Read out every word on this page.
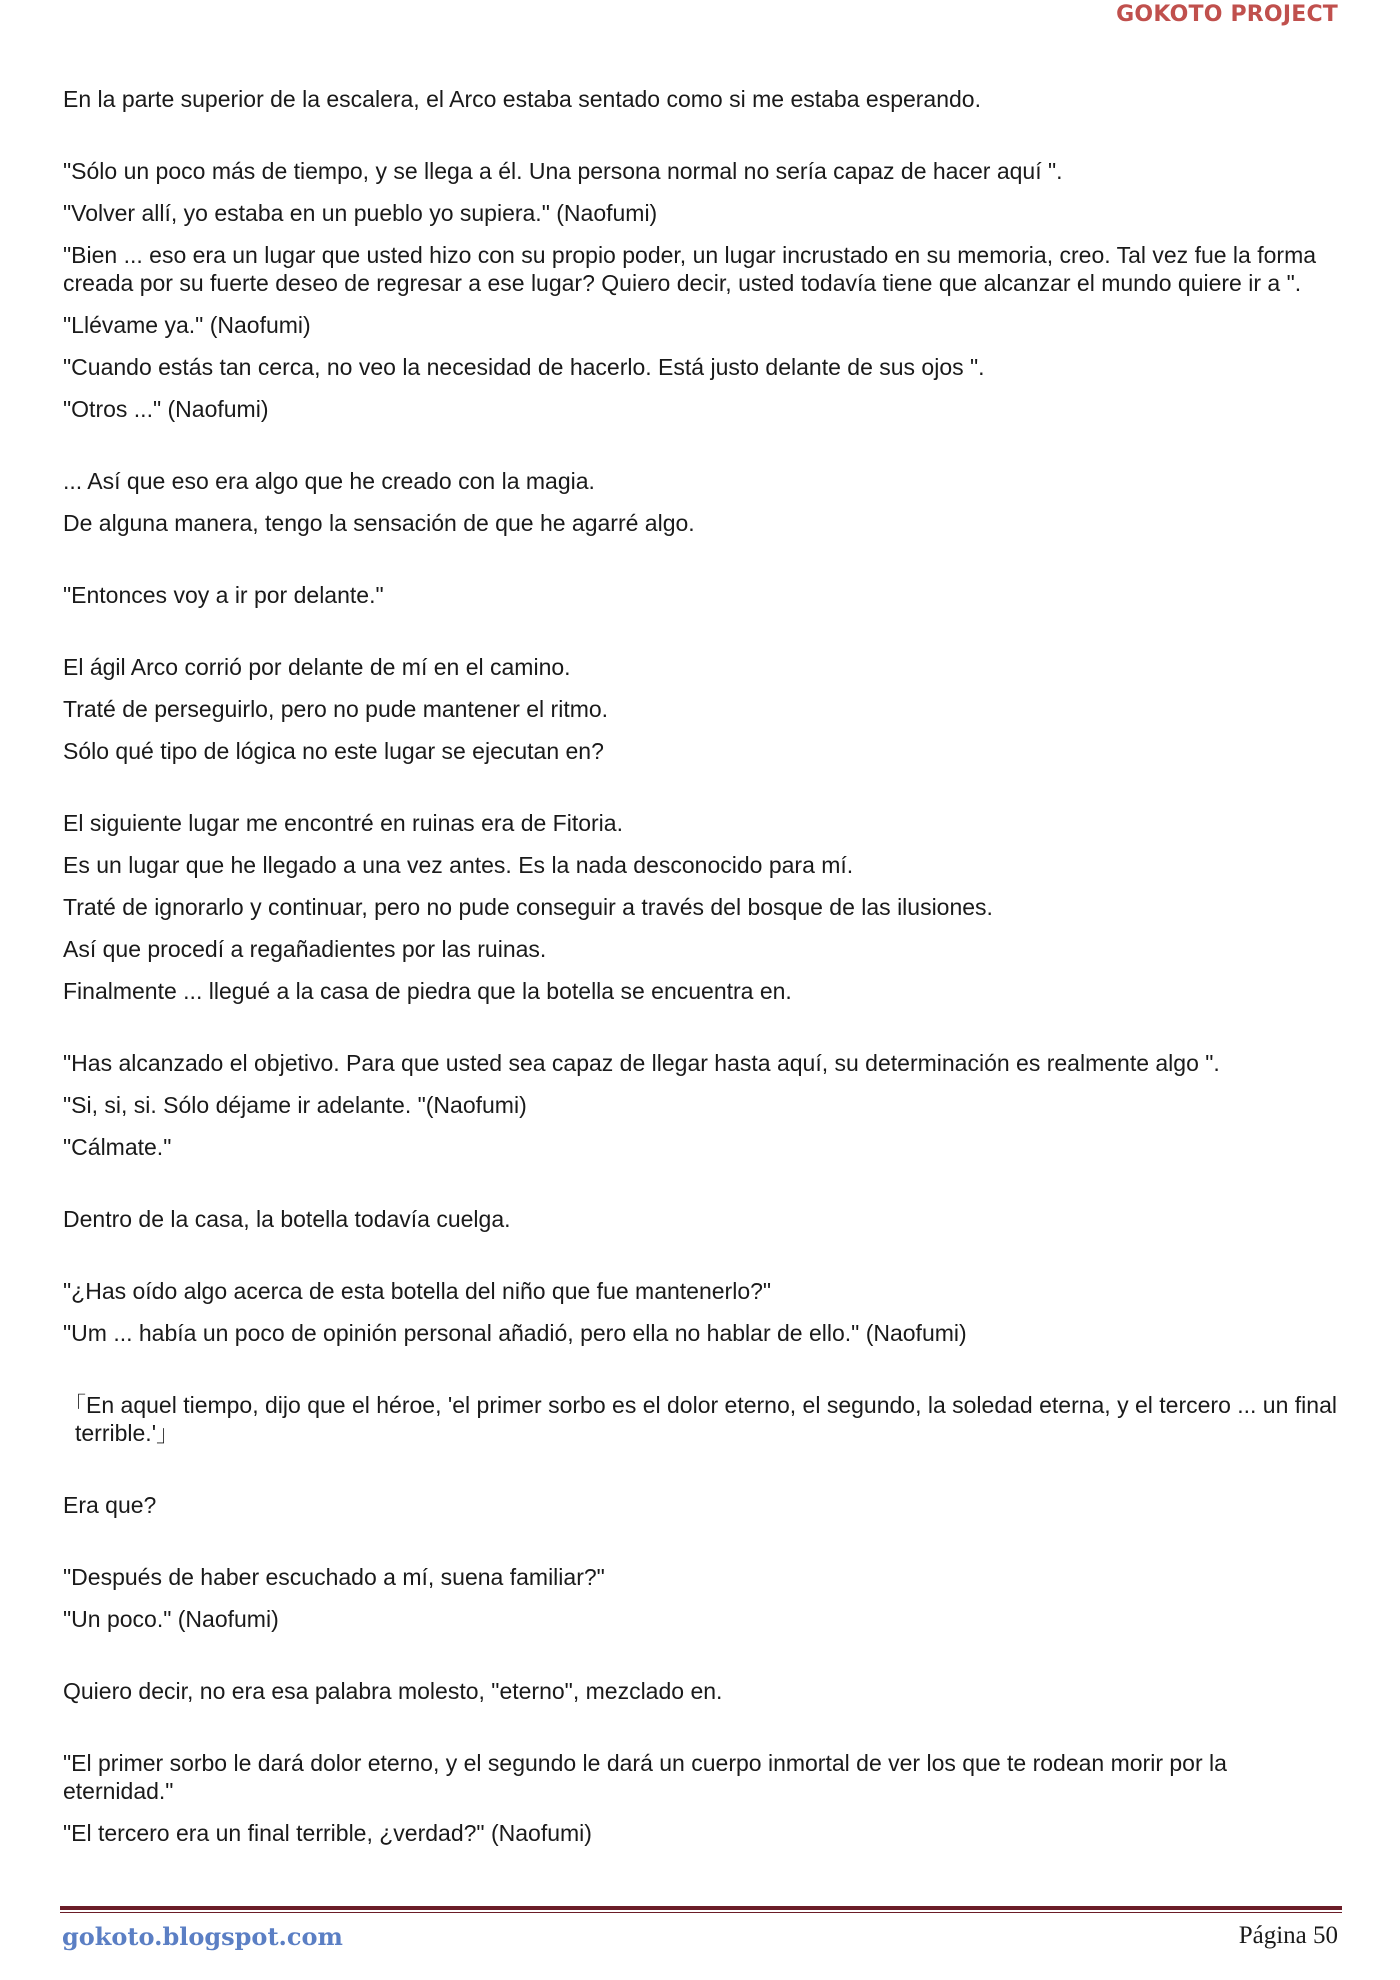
GOKOTO PROJECT

En la parte superior de la escalera, el Arco estaba sentado como si me estaba esperando.

"Sólo un poco más de tiempo, y se llega a él. Una persona normal no sería capaz de hacer aquí ".

"Volver allí, yo estaba en un pueblo yo supiera." (Naofumi)

"Bien ... eso era un lugar que usted hizo con su propio poder, un lugar incrustado en su memoria, creo. Tal vez fue la forma creada por su fuerte deseo de regresar a ese lugar? Quiero decir, usted todavía tiene que alcanzar el mundo quiere ir a ".

"Llévame ya." (Naofumi)

"Cuando estás tan cerca, no veo la necesidad de hacerlo. Está justo delante de sus ojos ".

"Otros ..." (Naofumi)

... Así que eso era algo que he creado con la magia.

De alguna manera, tengo la sensación de que he agarré algo.

"Entonces voy a ir por delante."

El ágil Arco corrió por delante de mí en el camino.

Traté de perseguirlo, pero no pude mantener el ritmo.

Sólo qué tipo de lógica no este lugar se ejecutan en?

El siguiente lugar me encontré en ruinas era de Fitoria.

Es un lugar que he llegado a una vez antes. Es la nada desconocido para mí.

Traté de ignorarlo y continuar, pero no pude conseguir a través del bosque de las ilusiones.

Así que procedí a regañadientes por las ruinas.

Finalmente ... llegué a la casa de piedra que la botella se encuentra en.

"Has alcanzado el objetivo. Para que usted sea capaz de llegar hasta aquí, su determinación es realmente algo ".

"Si, si, si. Sólo déjame ir adelante. "(Naofumi)

"Cálmate."

Dentro de la casa, la botella todavía cuelga.

"¿Has oído algo acerca de esta botella del niño que fue mantenerlo?"

"Um ... había un poco de opinión personal añadió, pero ella no hablar de ello." (Naofumi)

「En aquel tiempo, dijo que el héroe, 'el primer sorbo es el dolor eterno, el segundo, la soledad eterna, y el tercero ... un final terrible.'」

Era que?

"Después de haber escuchado a mí, suena familiar?"

"Un poco." (Naofumi)

Quiero decir, no era esa palabra molesto, "eterno", mezclado en.

"El primer sorbo le dará dolor eterno, y el segundo le dará un cuerpo inmortal de ver los que te rodean morir por la eternidad."

"El tercero era un final terrible, ¿verdad?" (Naofumi)

gokoto.blogspot.com	Página 50
